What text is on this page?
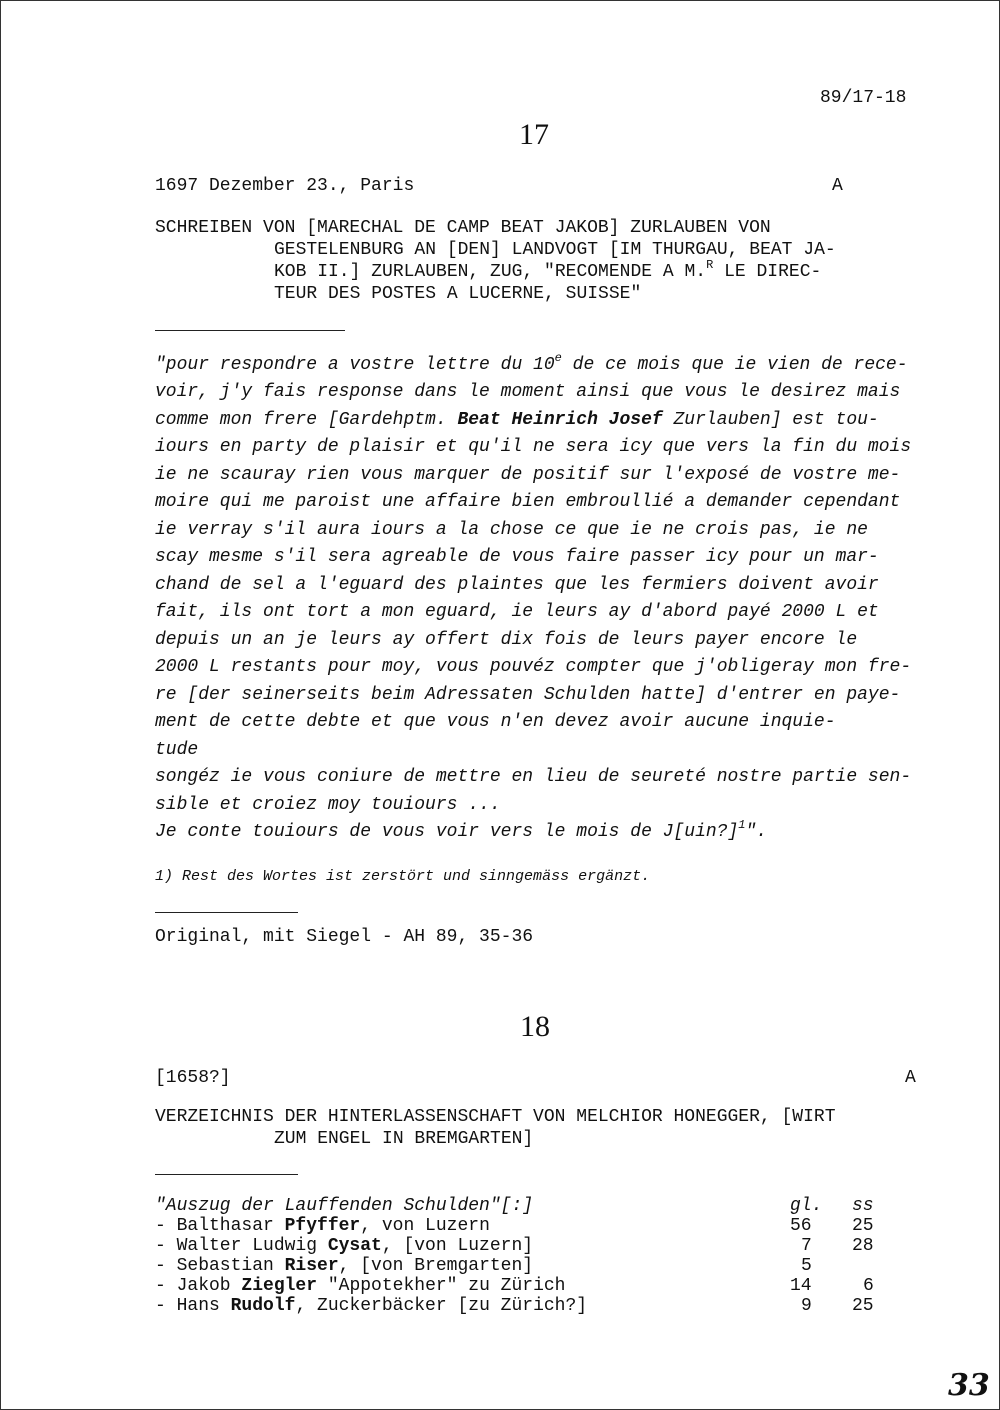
89/17-18
17
1697 Dezember 23., Paris	A
SCHREIBEN VON [MARECHAL DE CAMP BEAT JAKOB] ZURLAUBEN VON
GESTELENBURG AN [DEN] LANDVOGT [IM THURGAU, BEAT JA-
KOB II.] ZURLAUBEN, ZUG, "RECOMENDE A M.$^R$ LE DIREC-
TEUR DES POSTES A LUCERNE, SUISSE"
"pour respondre a vostre lettre du 10e de ce mois que ie vien de rece-
voir, j'y fais response dans le moment ainsi que vous le desirez mais
comme mon frere [Gardehptm. Beat Heinrich Josef Zurlauben] est tou-
iours en party de plaisir et qu'il ne sera icy que vers la fin du mois
ie ne scauray rien vous marquer de positif sur l'exposé de vostre me-
moire qui me paroist une affaire bien embroullié a demander cependant
ie verray s'il aura iours a la chose ce que ie ne crois pas, ie ne
scay mesme s'il sera agreable de vous faire passer icy pour un mar-
chand de sel a l'eguard des plaintes que les fermiers doivent avoir
fait, ils ont tort a mon eguard, ie leurs ay d'abord payé 2000 L et
depuis un an je leurs ay offert dix fois de leurs payer encore le
2000 L restants pour moy, vous pouvéz compter que j'obligeray mon fre-
re [der seinerseits beim Adressaten Schulden hatte] d'entrer en paye-
ment de cette debte et que vous n'en devez avoir aucune inquie-
tude
songéz ie vous coniure de mettre en lieu de seureté nostre partie sen-
sible et croiez moy touiours ...
Je conte touiours de vous voir vers le mois de J[uin?]$^1$".
1) Rest des Wortes ist zerstört und sinngemäss ergänzt.
Original, mit Siegel - AH 89, 35-36
18
[1658?]	A
VERZEICHNIS DER HINTERLASSENSCHAFT VON MELCHIOR HONEGGER, [WIRT
ZUM ENGEL IN BREMGARTEN]
"Auszug der Lauffenden Schulden"[:]	gl. ss
- Balthasar Pfyffer, von Luzern	56 25
- Walter Ludwig Cysat, [von Luzern]	7 28
- Sebastian Riser, [von Bremgarten]	5
- Jakob Ziegler "Appotekher" zu Zürich	14	6
- Hans Rudolf, Zuckerbäcker [zu Zürich?]	9 25
33
